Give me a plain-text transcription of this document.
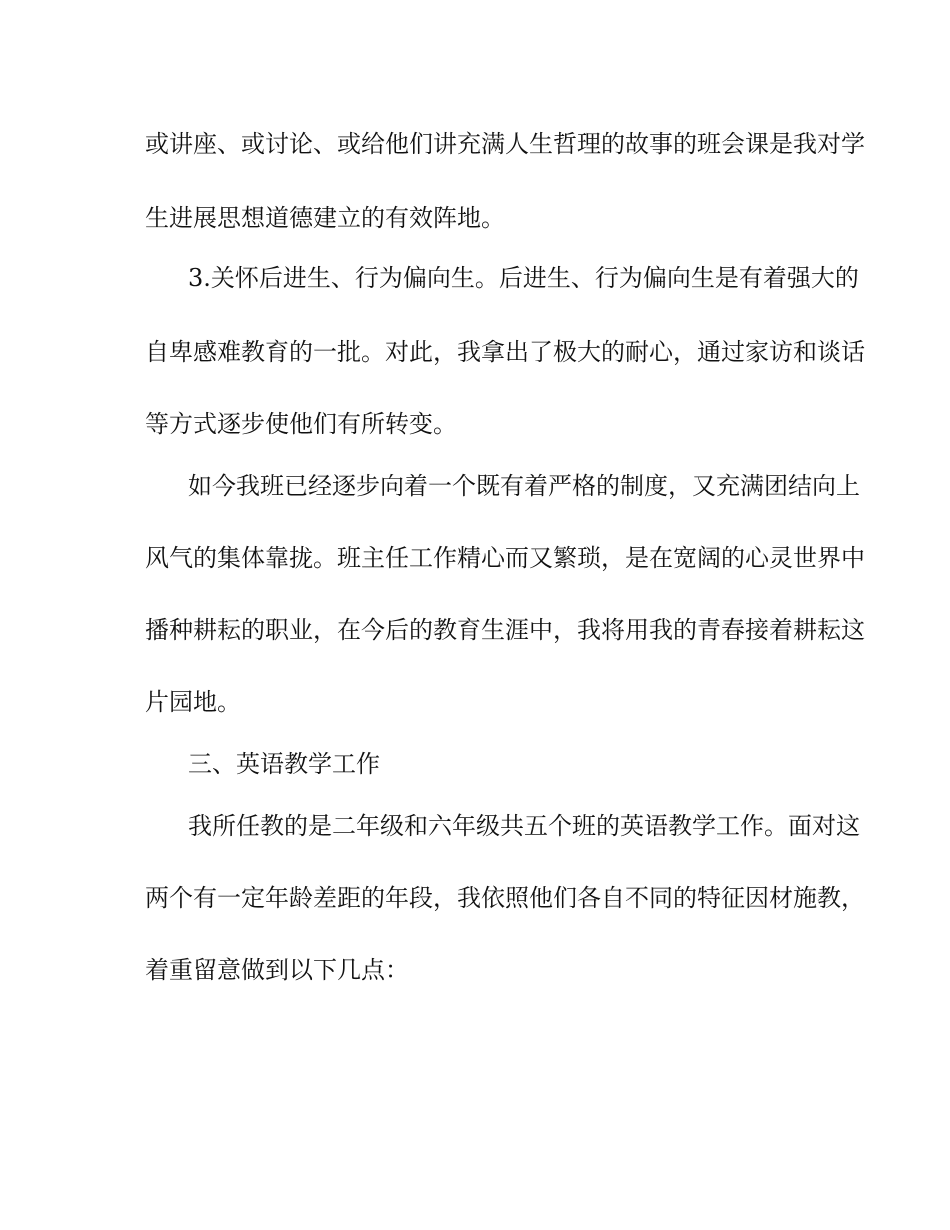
或讲座、或讨论、或给他们讲充满人生哲理的故事的班会课是我对学
生进展思想道德建立的有效阵地。
3.关怀后进生、行为偏向生。后进生、行为偏向生是有着强大的
自卑感难教育的一批。对此，我拿出了极大的耐心，通过家访和谈话
等方式逐步使他们有所转变。
如今我班已经逐步向着一个既有着严格的制度，又充满团结向上
风气的集体靠拢。班主任工作精心而又繁琐，是在宽阔的心灵世界中
播种耕耘的职业，在今后的教育生涯中，我将用我的青春接着耕耘这
片园地。
三、英语教学工作
我所任教的是二年级和六年级共五个班的英语教学工作。面对这
两个有一定年龄差距的年段，我依照他们各自不同的特征因材施教，
着重留意做到以下几点：
